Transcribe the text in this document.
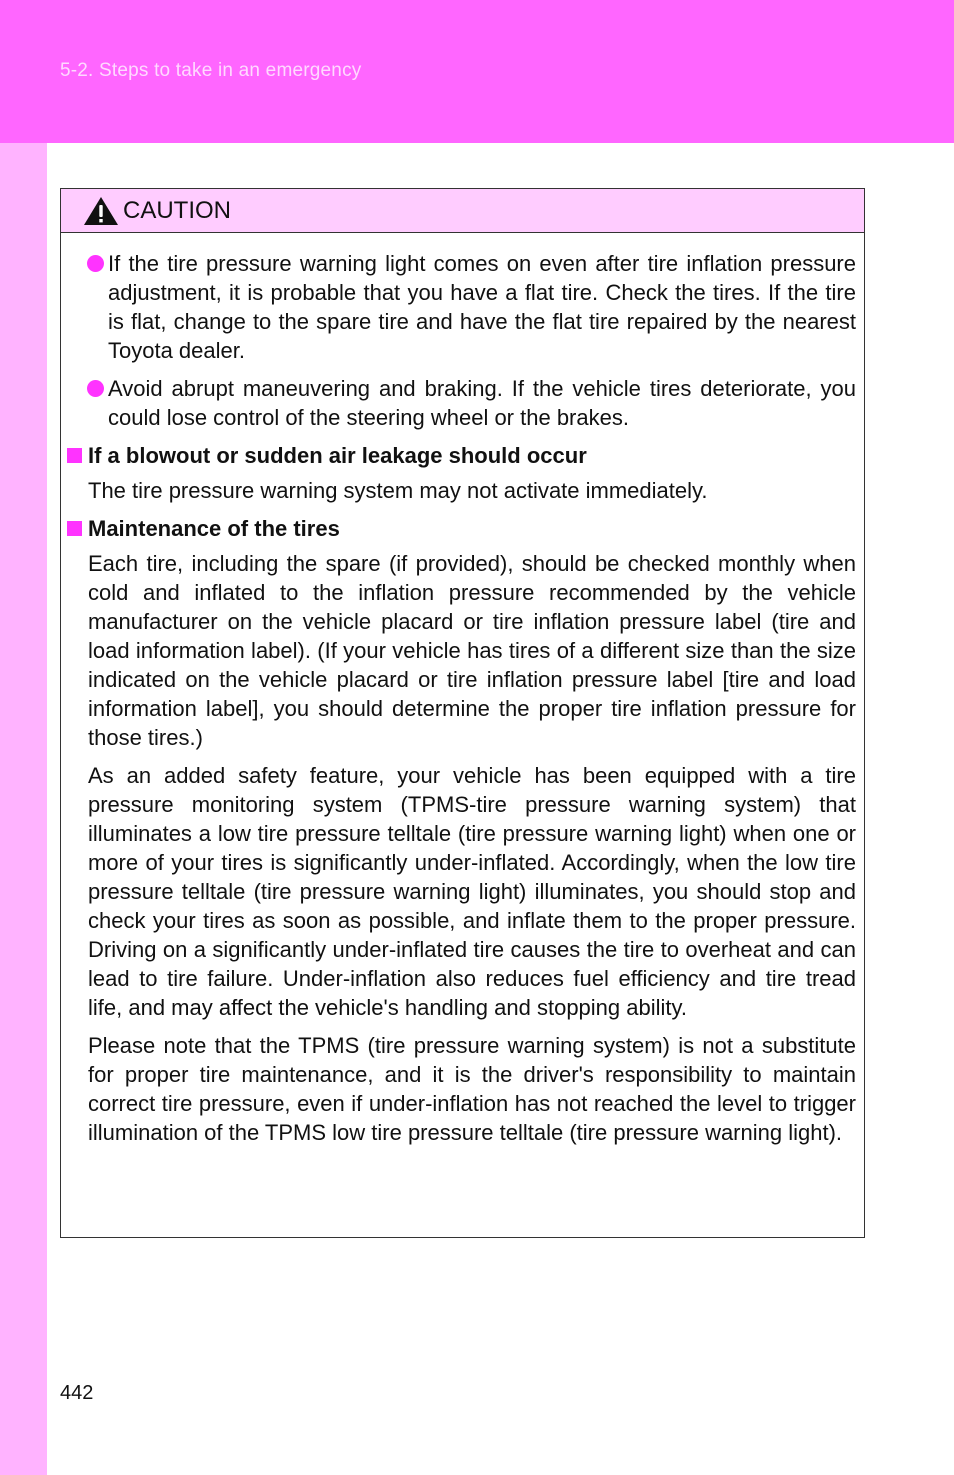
5-2. Steps to take in an emergency
CAUTION
If the tire pressure warning light comes on even after tire inflation pressure adjustment, it is probable that you have a flat tire. Check the tires. If the tire is flat, change to the spare tire and have the flat tire repaired by the nearest Toyota dealer.
Avoid abrupt maneuvering and braking. If the vehicle tires deteriorate, you could lose control of the steering wheel or the brakes.
If a blowout or sudden air leakage should occur
The tire pressure warning system may not activate immediately.
Maintenance of the tires
Each tire, including the spare (if provided), should be checked monthly when cold and inflated to the inflation pressure recommended by the vehicle manufacturer on the vehicle placard or tire inflation pressure label (tire and load information label). (If your vehicle has tires of a different size than the size indicated on the vehicle placard or tire inflation pressure label [tire and load information label], you should determine the proper tire inflation pressure for those tires.)
As an added safety feature, your vehicle has been equipped with a tire pressure monitoring system (TPMS-tire pressure warning system) that illuminates a low tire pressure telltale (tire pressure warning light) when one or more of your tires is significantly under-inflated. Accordingly, when the low tire pressure telltale (tire pressure warning light) illuminates, you should stop and check your tires as soon as possible, and inflate them to the proper pressure. Driving on a significantly under-inflated tire causes the tire to overheat and can lead to tire failure. Under-inflation also reduces fuel efficiency and tire tread life, and may affect the vehicle's handling and stopping ability.
Please note that the TPMS (tire pressure warning system) is not a substitute for proper tire maintenance, and it is the driver's responsibility to maintain correct tire pressure, even if under-inflation has not reached the level to trigger illumination of the TPMS low tire pressure telltale (tire pressure warning light).
442
